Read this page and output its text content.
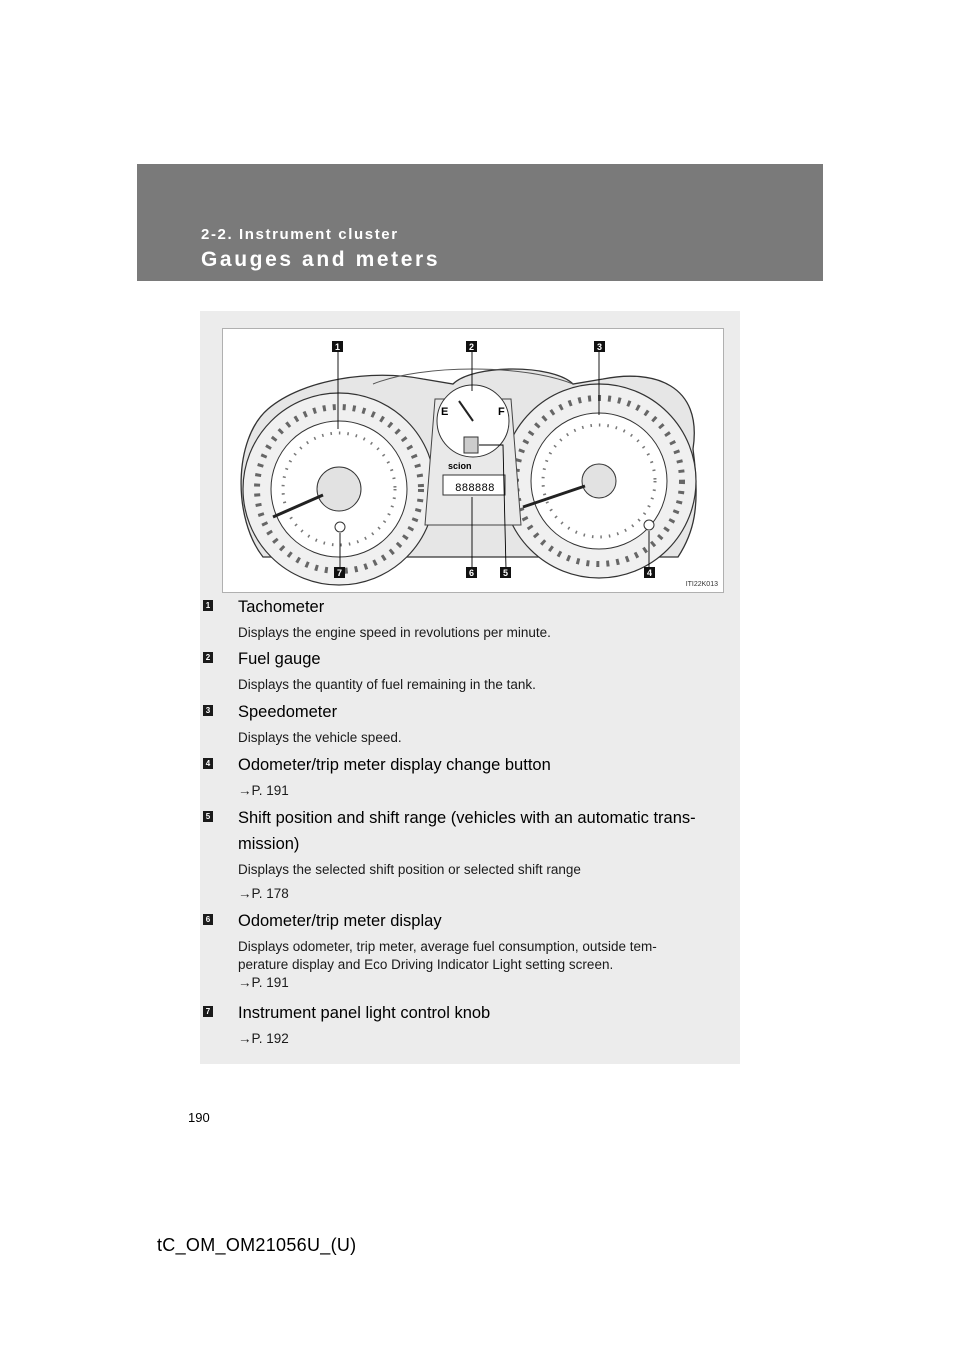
2-2. Instrument cluster
Gauges and meters
E	F
scion
888888
1	2	3
4
5
6
7
ITI22K013
1 Tachometer
Displays the engine speed in revolutions per minute.
2 Fuel gauge
Displays the quantity of fuel remaining in the tank.
3 Speedometer
Displays the vehicle speed.
4 Odometer/trip meter display change button
→P. 191
5 Shift position and shift range (vehicles with an automatic trans-
mission)
Displays the selected shift position or selected shift range
→P. 178
6 Odometer/trip meter display
Displays odometer, trip meter, average fuel consumption, outside tem-
perature display and Eco Driving Indicator Light setting screen.
→P. 191
7 Instrument panel light control knob
→P. 192
190
tC_OM_OM21056U_(U)
